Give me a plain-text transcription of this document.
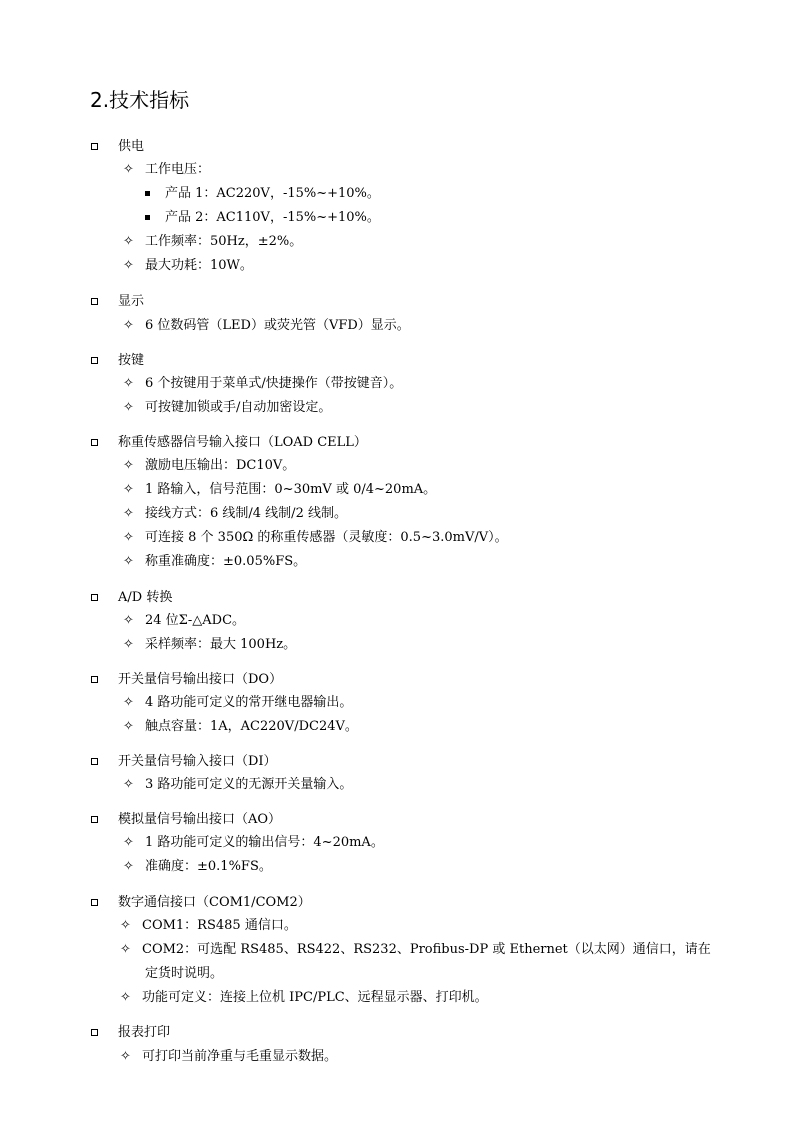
2.技术指标
供电
✧ 工作电压：
产品 1：AC220V，-15%~+10%。
产品 2：AC110V，-15%~+10%。
✧ 工作频率：50Hz，±2%。
✧ 最大功耗：10W。
显示
✧ 6 位数码管（LED）或荧光管（VFD）显示。
按键
✧ 6 个按键用于菜单式/快捷操作（带按键音）。
✧ 可按键加锁或手/自动加密设定。
称重传感器信号输入接口（LOAD CELL）
✧ 激励电压输出：DC10V。
✧ 1 路输入，信号范围：0~30mV 或 0/4~20mA。
✧ 接线方式：6 线制/4 线制/2 线制。
✧ 可连接 8 个 350Ω 的称重传感器（灵敏度：0.5~3.0mV/V）。
✧ 称重准确度：±0.05%FS。
A/D 转换
✧ 24 位Σ-△ADC。
✧ 采样频率：最大 100Hz。
开关量信号输出接口（DO）
✧ 4 路功能可定义的常开继电器输出。
✧ 触点容量：1A，AC220V/DC24V。
开关量信号输入接口（DI）
✧ 3 路功能可定义的无源开关量输入。
模拟量信号输出接口（AO）
✧ 1 路功能可定义的输出信号：4~20mA。
✧ 准确度：±0.1%FS。
数字通信接口（COM1/COM2）
✧ COM1：RS485 通信口。
✧ COM2：可选配 RS485、RS422、RS232、Profibus-DP 或 Ethernet（以太网）通信口，请在
定货时说明。
✧ 功能可定义：连接上位机 IPC/PLC、远程显示器、打印机。
报表打印
✧ 可打印当前净重与毛重显示数据。
